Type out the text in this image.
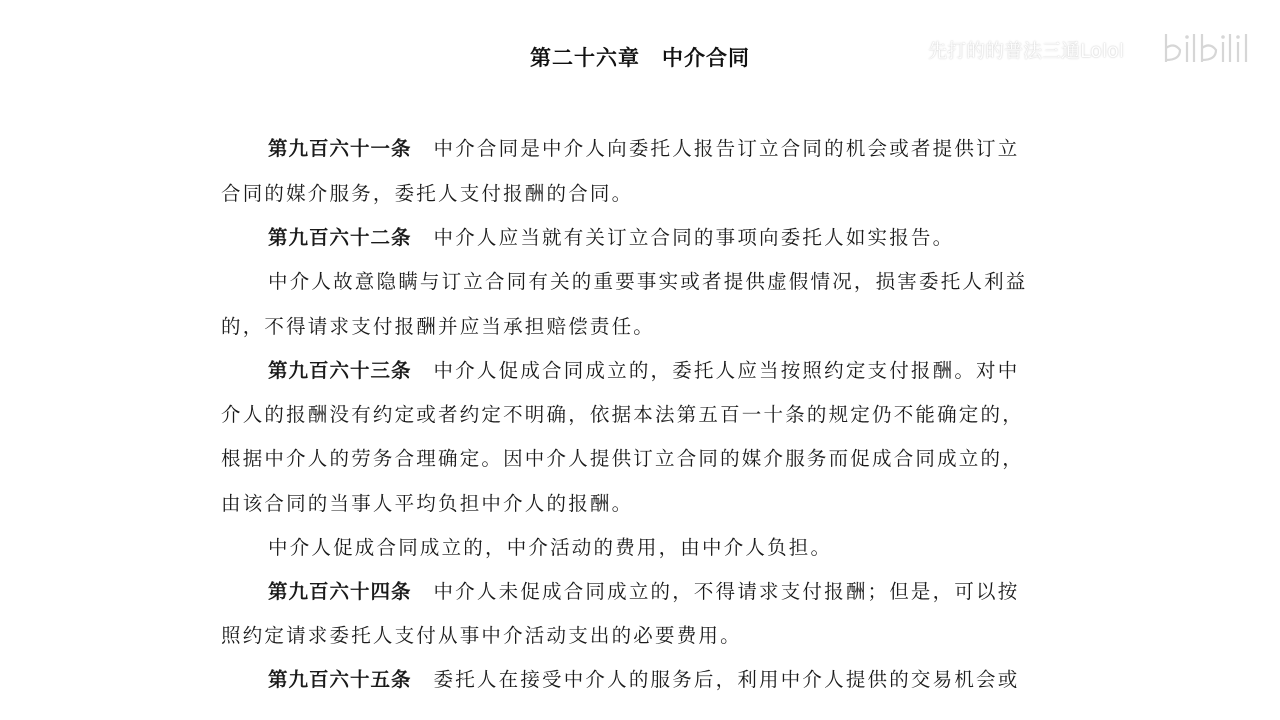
先打的的普法三通Lolol
第二十六章　中介合同
第九百六十一条 中介合同是中介人向委托人报告订立合同的机会或者提供订立
合同的媒介服务，委托人支付报酬的合同。
第九百六十二条 中介人应当就有关订立合同的事项向委托人如实报告。
中介人故意隐瞒与订立合同有关的重要事实或者提供虚假情况，损害委托人利益
的，不得请求支付报酬并应当承担赔偿责任。
第九百六十三条 中介人促成合同成立的，委托人应当按照约定支付报酬。对中
介人的报酬没有约定或者约定不明确，依据本法第五百一十条的规定仍不能确定的，
根据中介人的劳务合理确定。因中介人提供订立合同的媒介服务而促成合同成立的，
由该合同的当事人平均负担中介人的报酬。
中介人促成合同成立的，中介活动的费用，由中介人负担。
第九百六十四条 中介人未促成合同成立的，不得请求支付报酬；但是，可以按
照约定请求委托人支付从事中介活动支出的必要费用。
第九百六十五条 委托人在接受中介人的服务后，利用中介人提供的交易机会或
